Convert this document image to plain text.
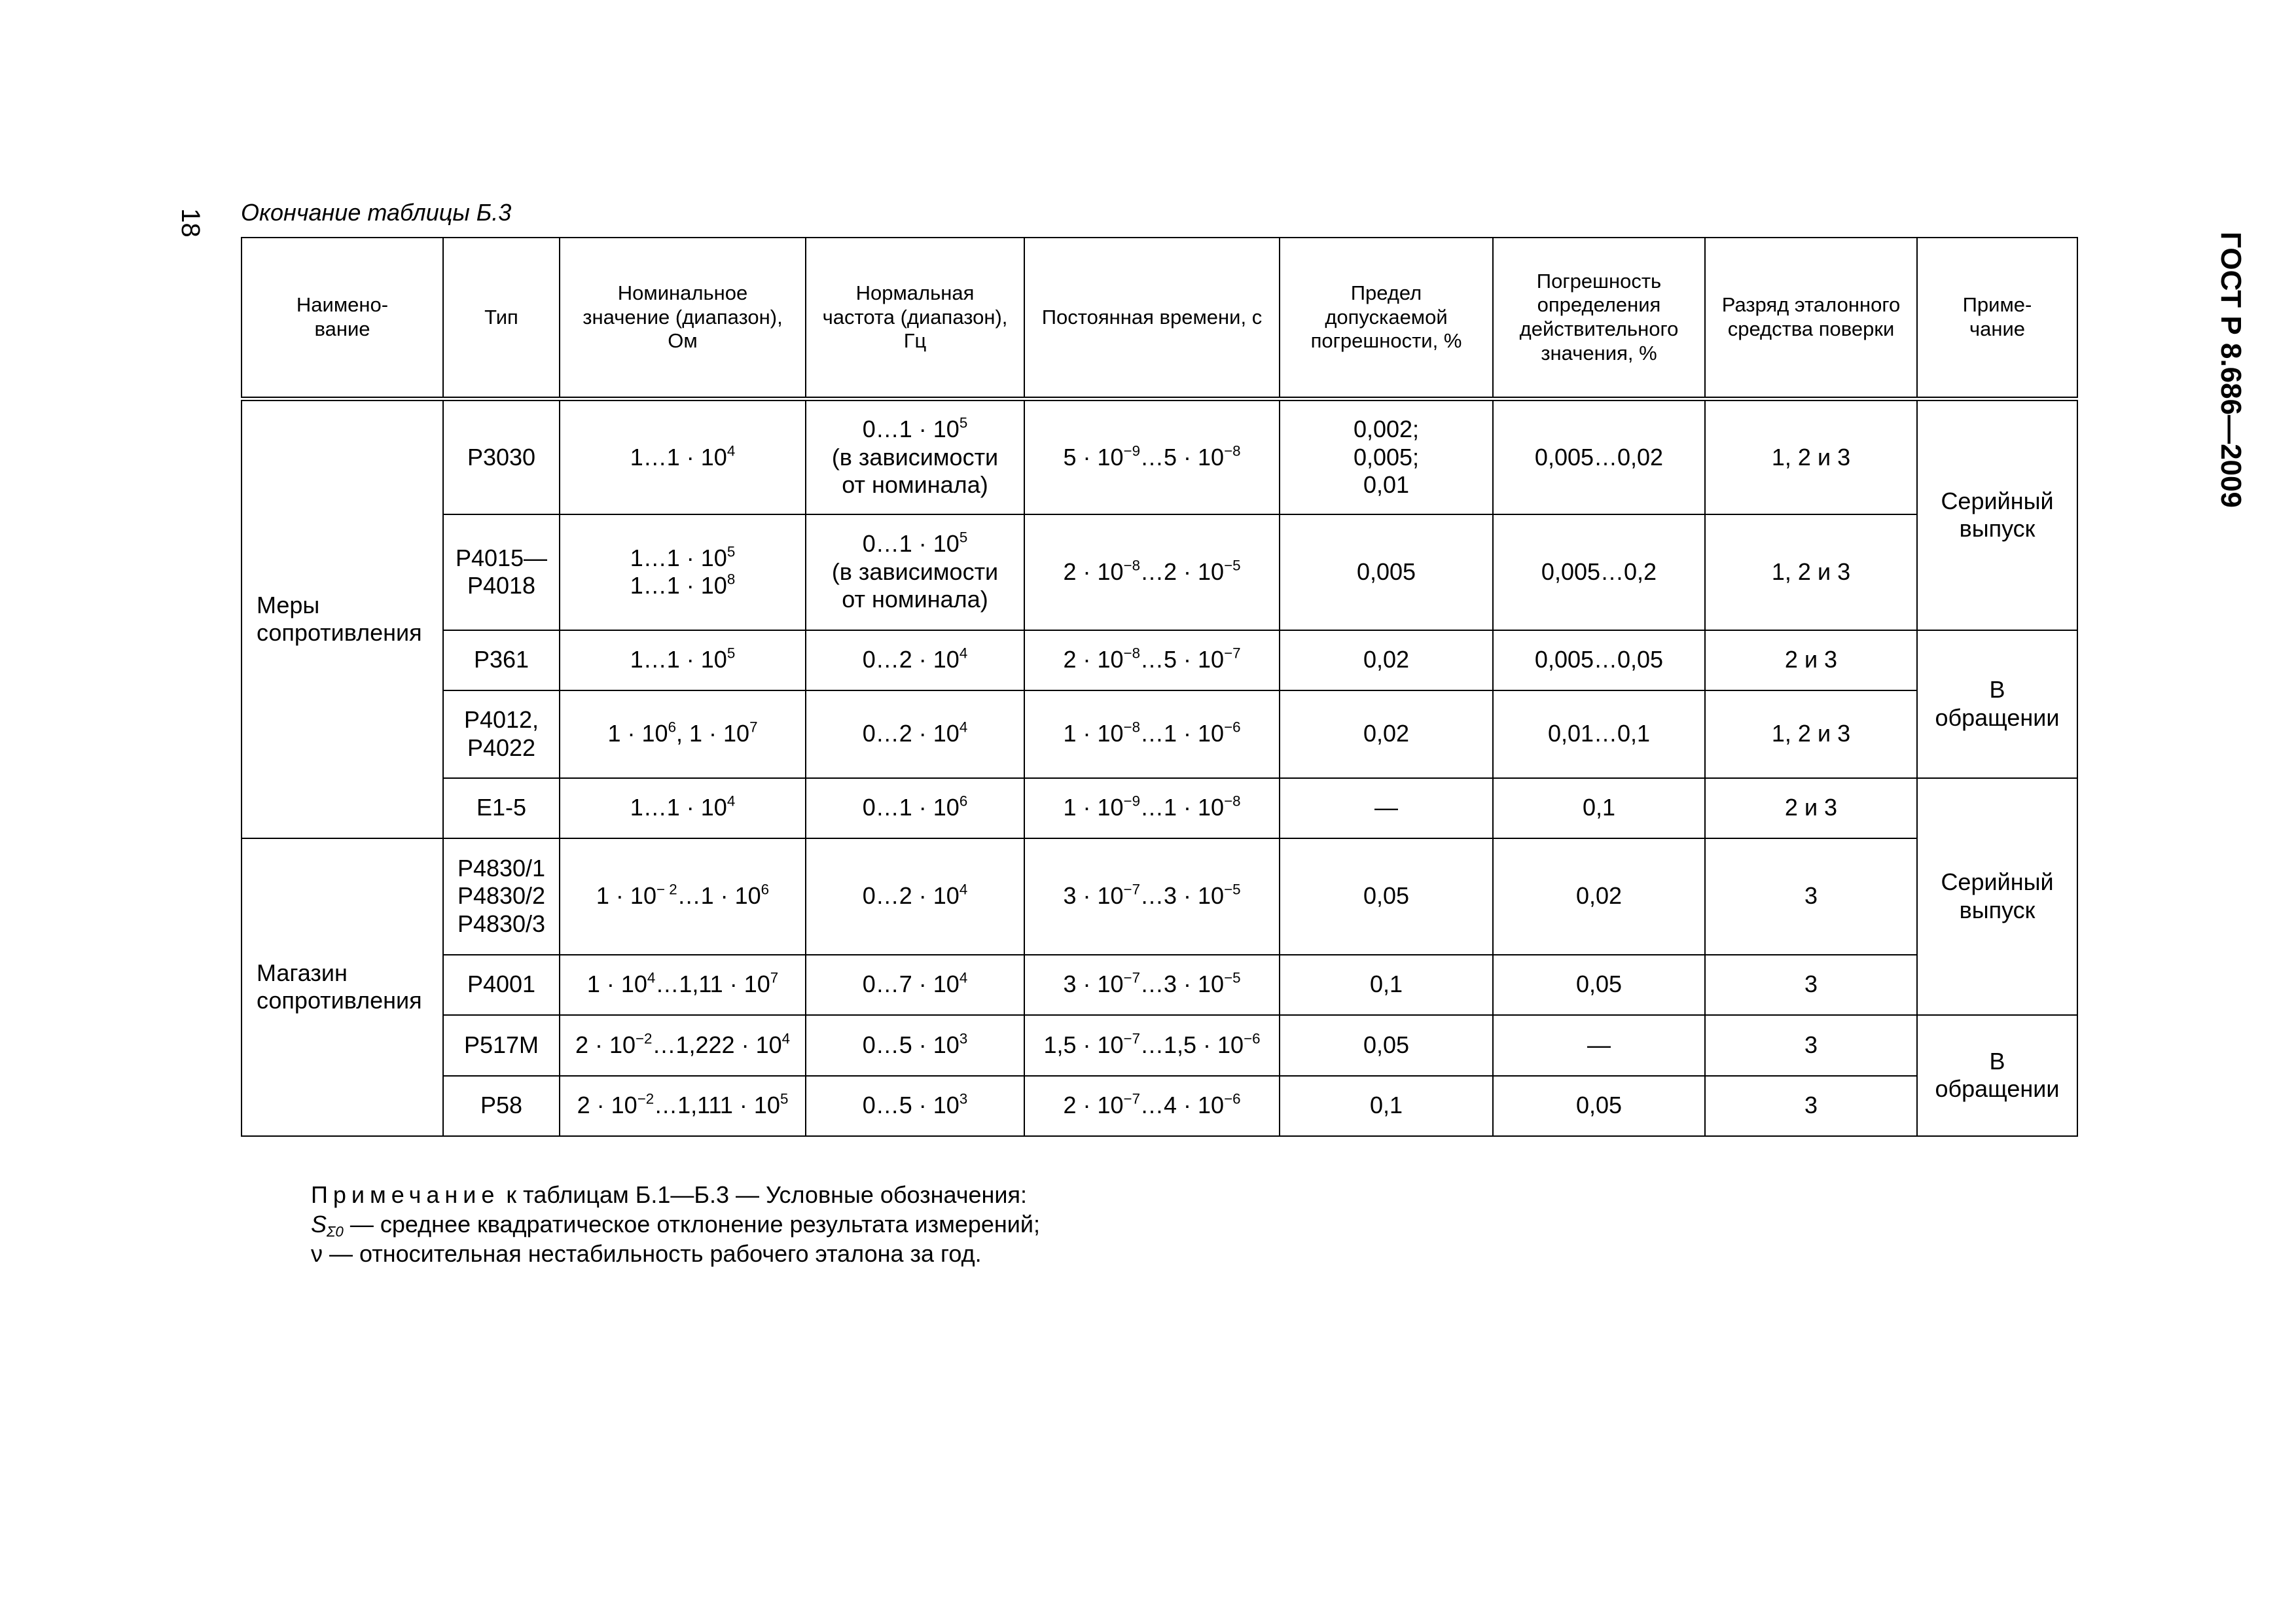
18
ГОСТ Р 8.686—2009
Окончание таблицы Б.3
Наимено-
вание	Тип	Номинальное
значение (диапазон),
Ом	Нормальная
частота (диапазон),
Гц	Постоянная времени, с	Предел
допускаемой
погрешности, %	Погрешность
определения
действительного
значения, %	Разряд эталонного
средства поверки	Приме-
чание
Меры
сопротивления	Р3030	1…1 · $10^4$	0…1 · $10^5$
(в зависимости
от номинала)	$5 \cdot 10^{-9}\dots 5 \cdot 10^{-8}$	0,002;
0,005;
0,01	0,005…0,02	1, 2 и 3	Серийный
выпуск
	Р4015—
Р4018	1…1 · $10^5$
1…1 · $10^8$	0…1 · $10^5$
(в зависимости
от номинала)	$2 \cdot 10^{-8}\dots 2 \cdot 10^{-5}$	0,005	0,005…0,2	1, 2 и 3	
	Р361	1…1 · $10^5$	0…2 · $10^4$	$2 \cdot 10^{-8}\dots 5 \cdot 10^{-7}$	0,02	0,005…0,05	2 и 3	В
обращении
	Р4012,
Р4022	$1 \cdot 10^6$, $1 \cdot 10^7$	0…2 · $10^4$	$1 \cdot 10^{-8}\dots 1 \cdot 10^{-6}$	0,02	0,01…0,1	1, 2 и 3	
	Е1-5	1…1 · $10^4$	0…1 · $10^6$	$1 \cdot 10^{-9}\dots 1 \cdot 10^{-8}$	—	0,1	2 и 3	Серийный
выпуск
Магазин
сопротивления	Р4830/1
Р4830/2
Р4830/3	$1 \cdot 10^{- 2}\dots 1 \cdot 10^6$	0…2 · $10^4$	$3 \cdot 10^{-7}\dots 3 \cdot 10^{-5}$	0,05	0,02	3	
	Р4001	$1 \cdot 10^4\dots 1,11 \cdot 10^7$	0…7 · $10^4$	$3 \cdot 10^{-7}\dots 3 \cdot 10^{-5}$	0,1	0,05	3	
	Р517М	$2 \cdot 10^{-2}\dots 1,222 \cdot 10^4$	0…5 · $10^3$	$1,5 \cdot 10^{-7}\dots 1,5 \cdot 10^{-6}$	0,05	—	3	В
обращении
	Р58	$2 \cdot 10^{-2}\dots 1,111 \cdot 10^5$	0…5 · $10^3$	$2 \cdot 10^{-7}\dots 4 \cdot 10^{-6}$	0,1	0,05	3	
Примечание к таблицам Б.1—Б.3 — Условные обозначения:
$S_{\Sigma 0}$ — среднее квадратическое отклонение результата измерений;
ν — относительная нестабильность рабочего эталона за год.
